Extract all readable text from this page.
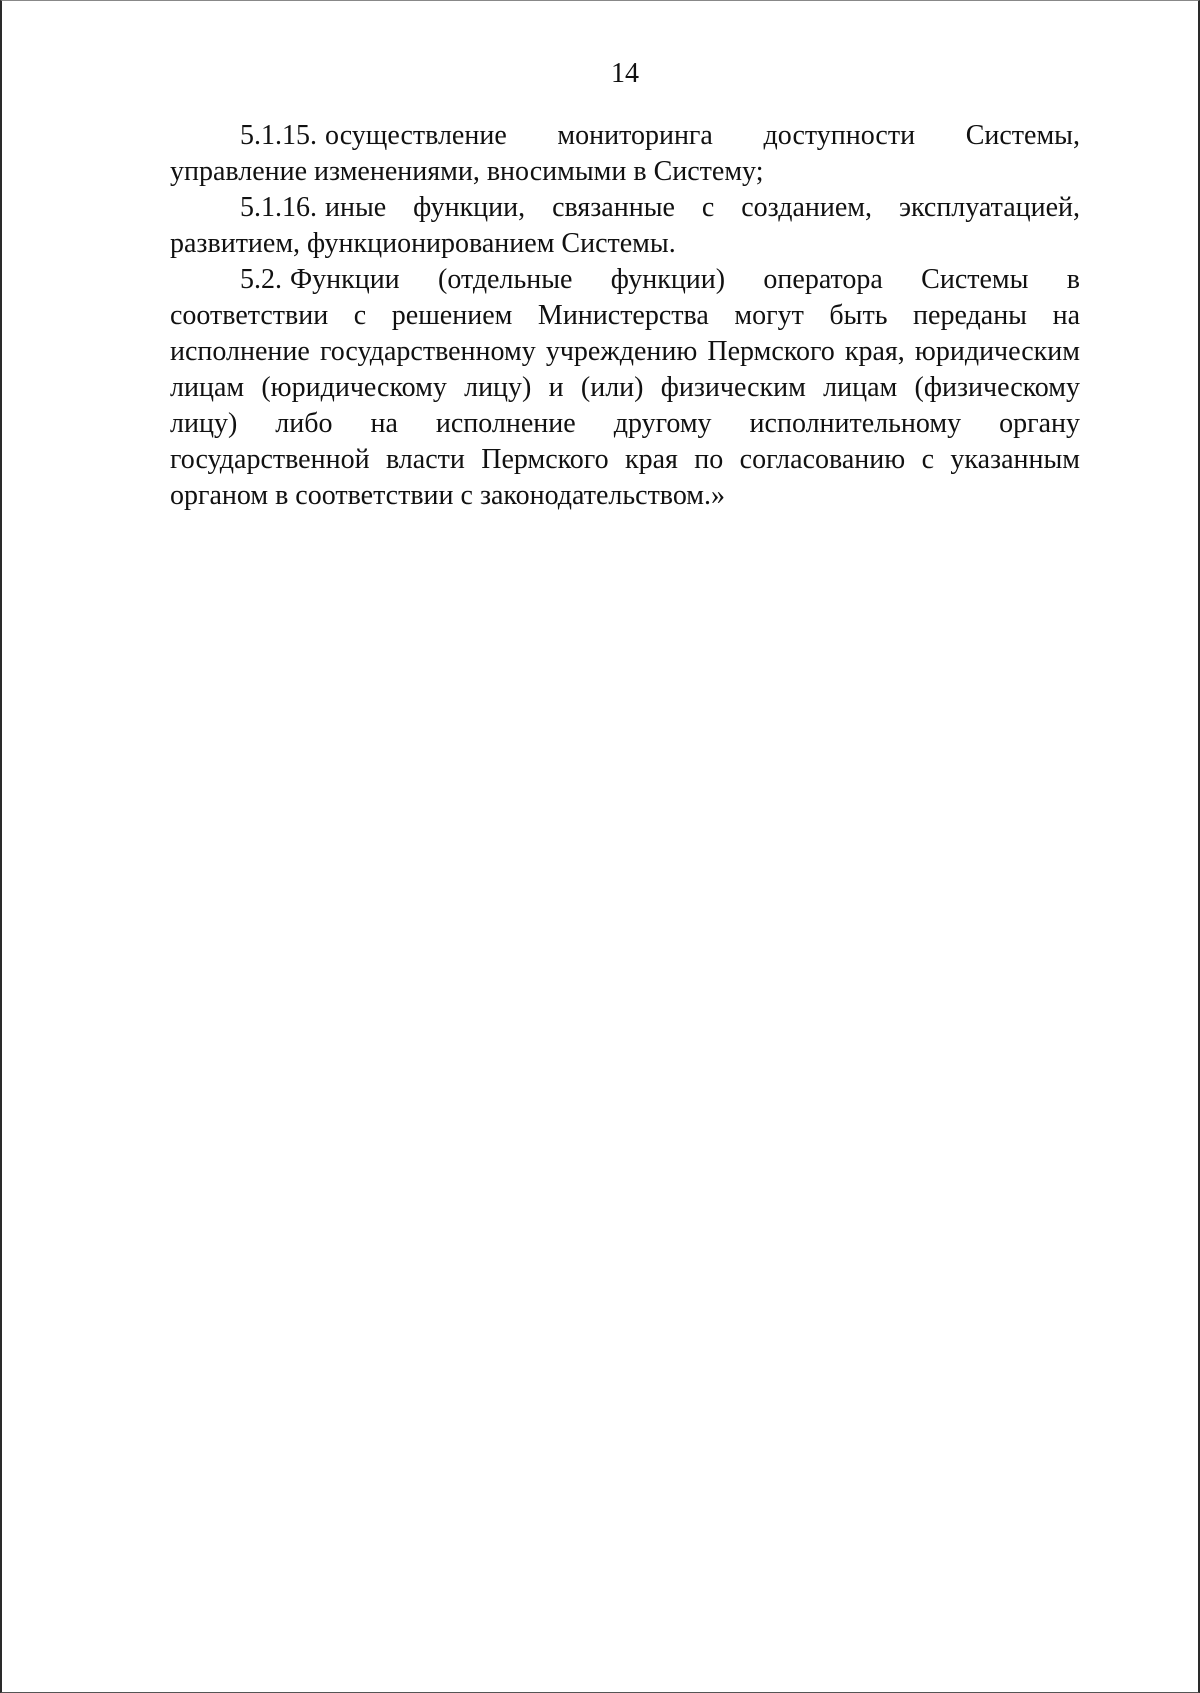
14

5.1.15. осуществление мониторинга доступности Системы, управление изменениями, вносимыми в Систему;

5.1.16. иные функции, связанные с созданием, эксплуатацией, развитием, функционированием Системы.

5.2. Функции (отдельные функции) оператора Системы в соответствии с решением Министерства могут быть переданы на исполнение государственному учреждению Пермского края, юридическим лицам (юридическому лицу) и (или) физическим лицам (физическому лицу) либо на исполнение другому исполнительному органу государственной власти Пермского края по согласованию с указанным органом в соответствии с законодательством.»
